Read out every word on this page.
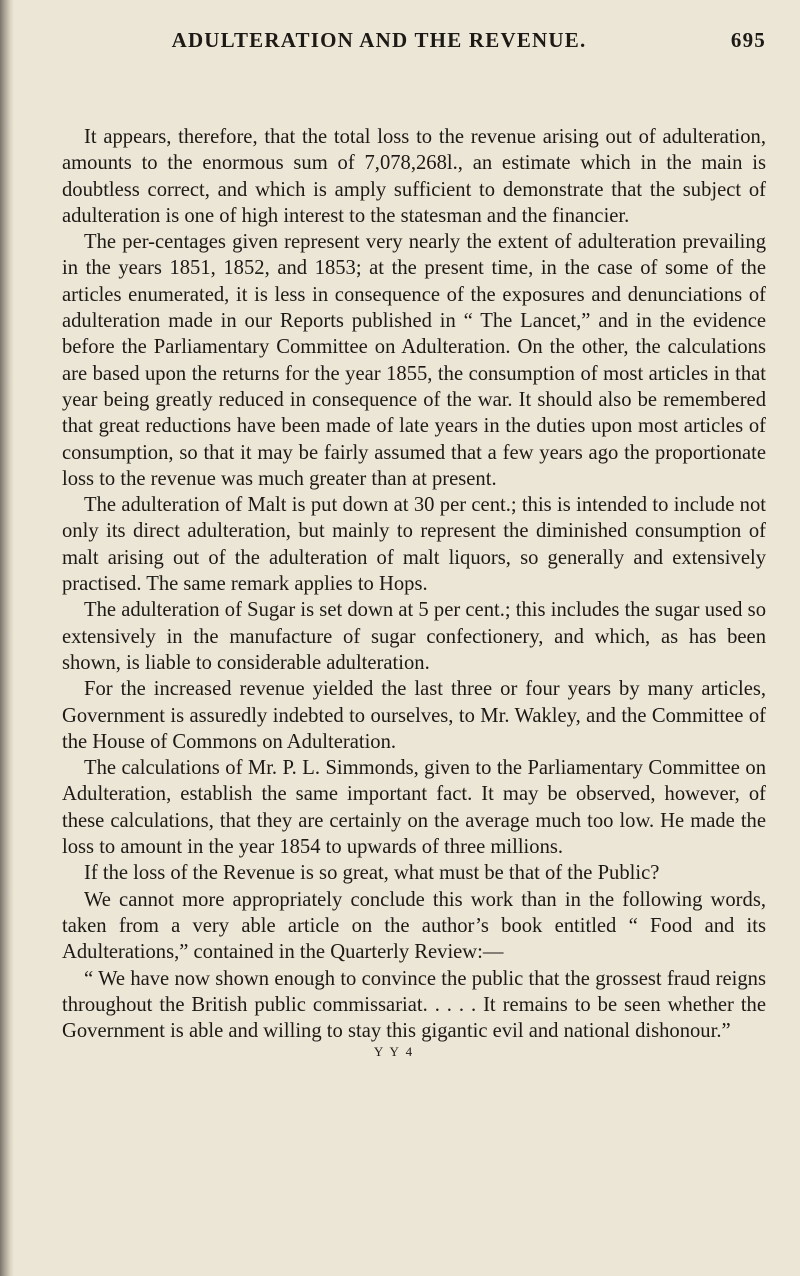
ADULTERATION AND THE REVENUE.	695

It appears, therefore, that the total loss to the revenue arising out of adulteration, amounts to the enormous sum of 7,078,268l., an estimate which in the main is doubtless correct, and which is amply sufficient to demonstrate that the subject of adulteration is one of high interest to the statesman and the financier.

The per-centages given represent very nearly the extent of adulteration prevailing in the years 1851, 1852, and 1853; at the present time, in the case of some of the articles enumerated, it is less in consequence of the exposures and denunciations of adulteration made in our Reports published in “ The Lancet,” and in the evidence before the Parliamentary Committee on Adulteration. On the other, the calculations are based upon the returns for the year 1855, the consumption of most articles in that year being greatly reduced in consequence of the war. It should also be remembered that great reductions have been made of late years in the duties upon most articles of consumption, so that it may be fairly assumed that a few years ago the proportionate loss to the revenue was much greater than at present.

The adulteration of Malt is put down at 30 per cent.; this is intended to include not only its direct adulteration, but mainly to represent the diminished consumption of malt arising out of the adulteration of malt liquors, so generally and extensively practised. The same remark applies to Hops.

The adulteration of Sugar is set down at 5 per cent.; this includes the sugar used so extensively in the manufacture of sugar confectionery, and which, as has been shown, is liable to considerable adulteration.

For the increased revenue yielded the last three or four years by many articles, Government is assuredly indebted to ourselves, to Mr. Wakley, and the Committee of the House of Commons on Adulteration.

The calculations of Mr. P. L. Simmonds, given to the Parliamentary Committee on Adulteration, establish the same important fact. It may be observed, however, of these calculations, that they are certainly on the average much too low. He made the loss to amount in the year 1854 to upwards of three millions.

If the loss of the Revenue is so great, what must be that of the Public?

We cannot more appropriately conclude this work than in the following words, taken from a very able article on the author’s book entitled “ Food and its Adulterations,” contained in the Quarterly Review:—

“ We have now shown enough to convince the public that the grossest fraud reigns throughout the British public commissariat. . . . . It remains to be seen whether the Government is able and willing to stay this gigantic evil and national dishonour.”

Y Y 4
